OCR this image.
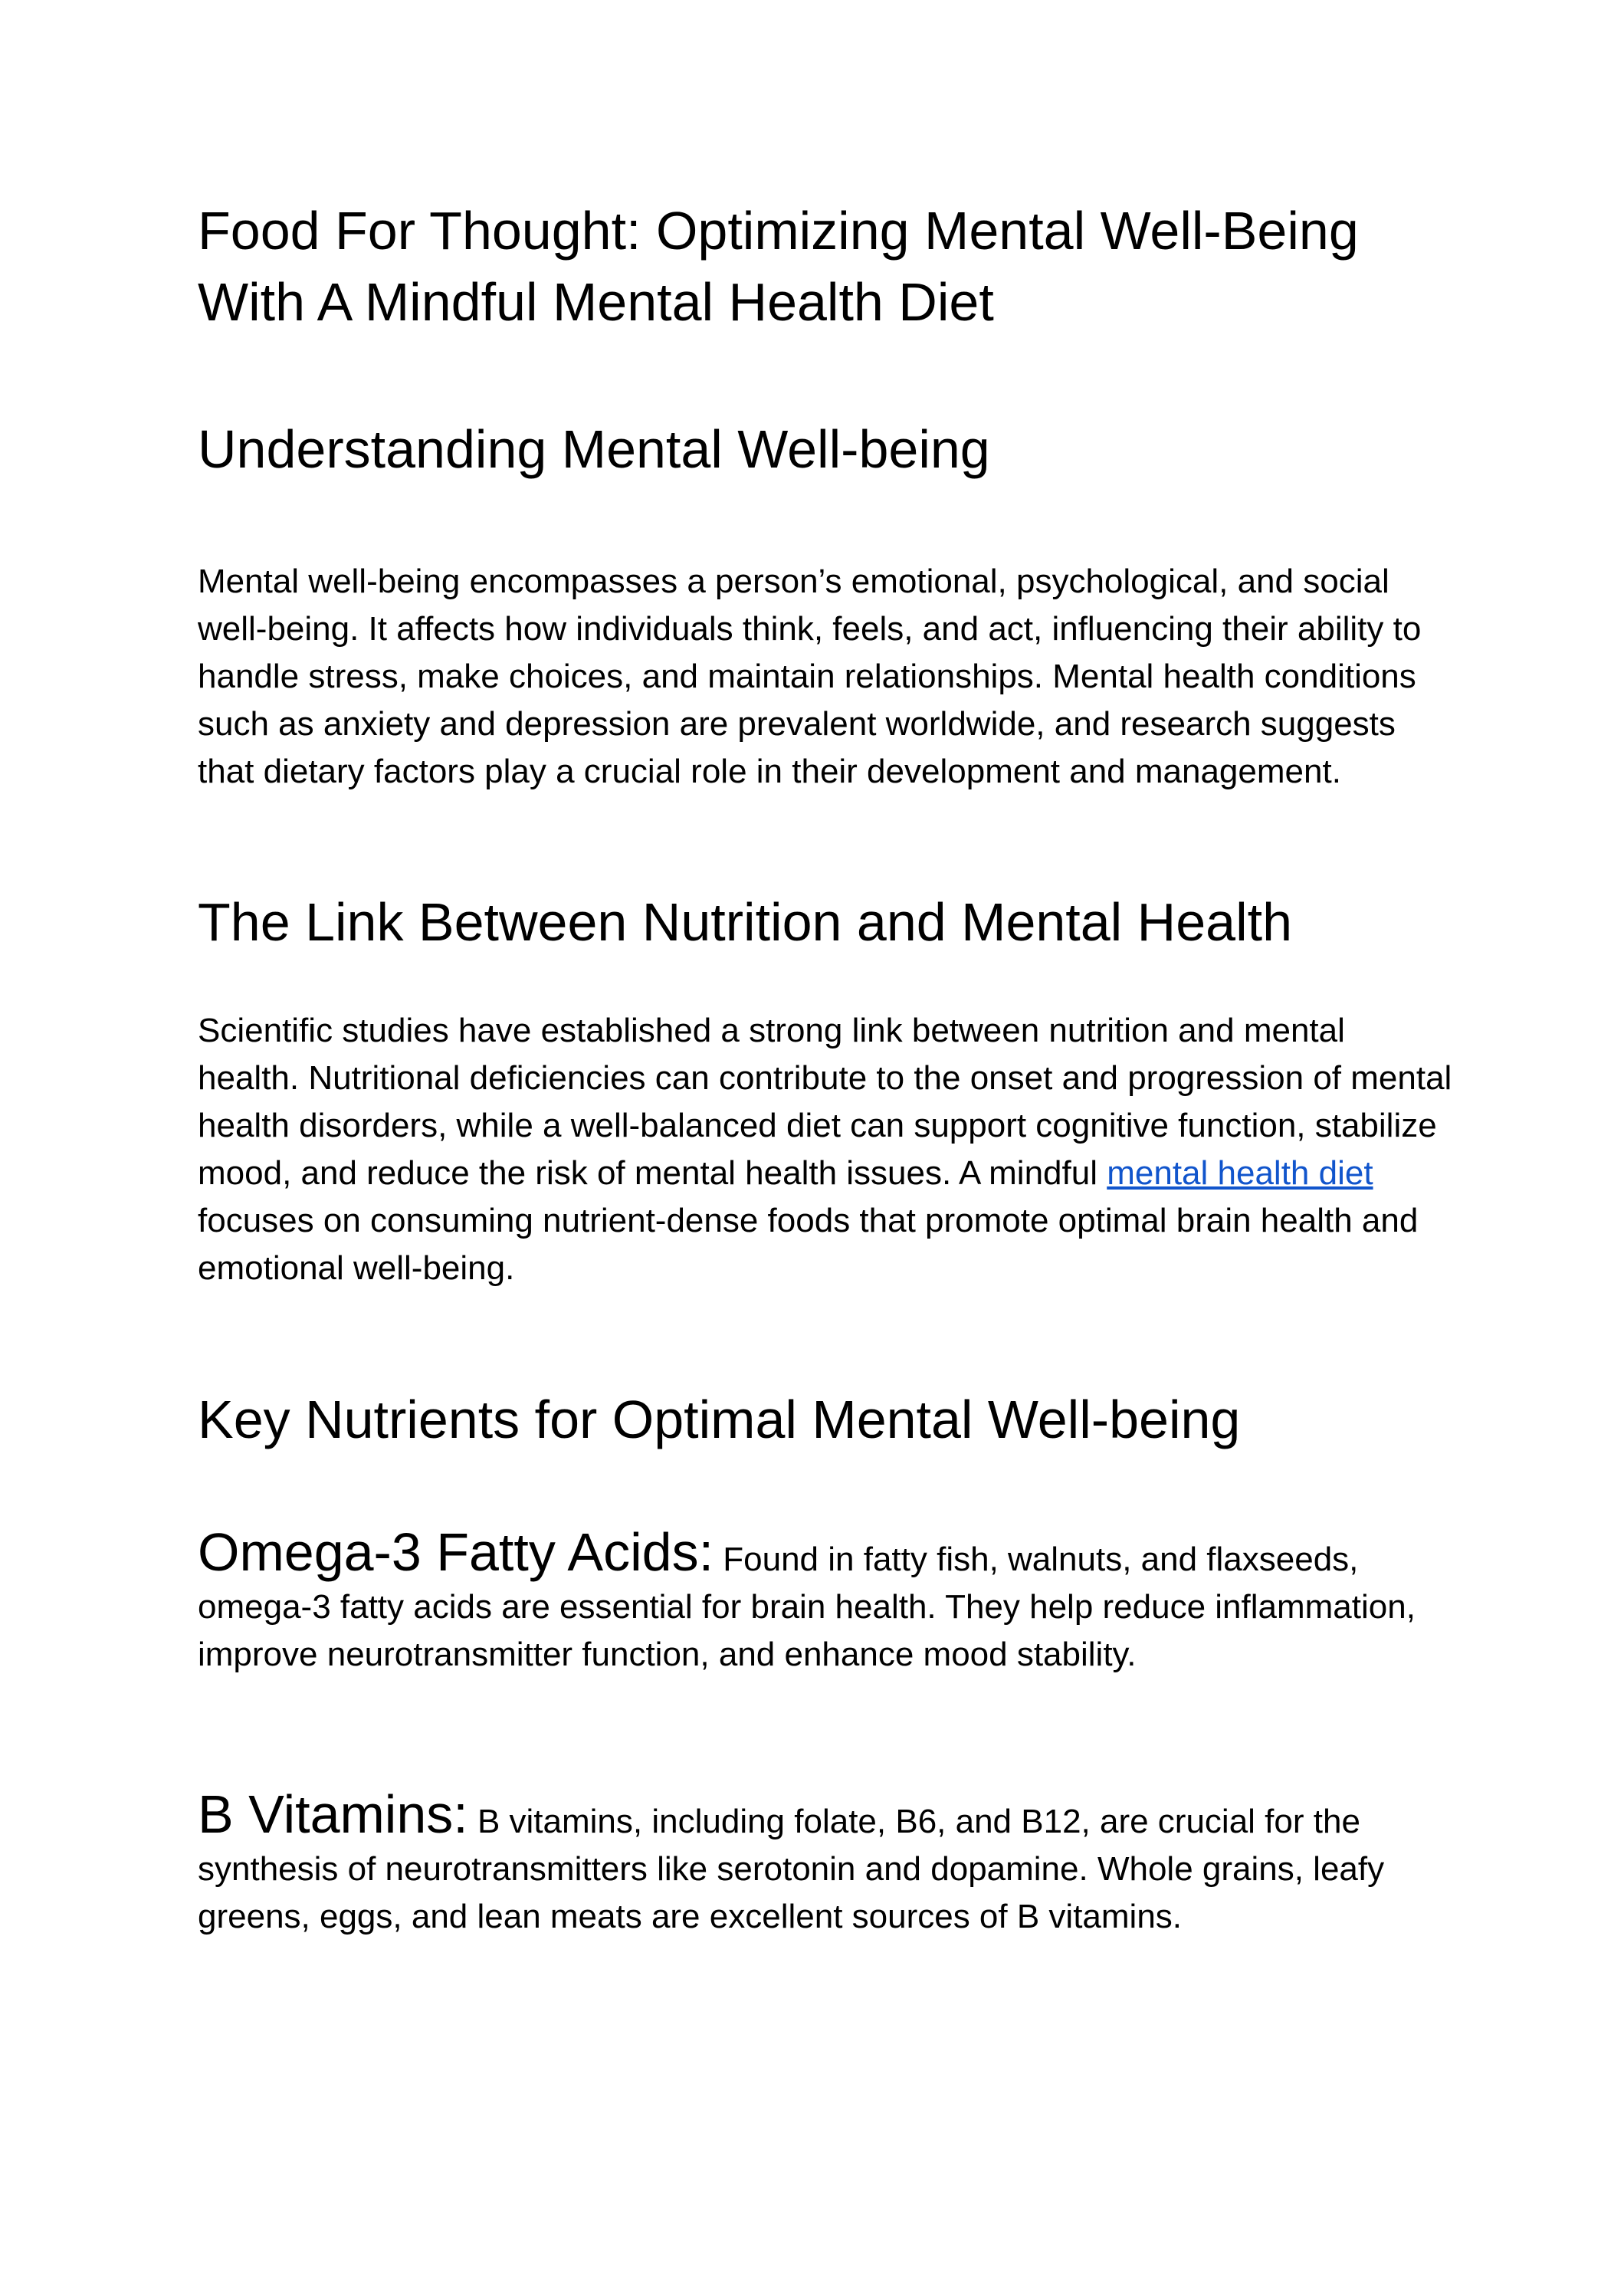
Food For Thought: Optimizing Mental Well-Being With A Mindful Mental Health Diet
Understanding Mental Well-being

Mental well-being encompasses a person’s emotional, psychological, and social well-being. It affects how individuals think, feels, and act, influencing their ability to handle stress, make choices, and maintain relationships. Mental health conditions such as anxiety and depression are prevalent worldwide, and research suggests that dietary factors play a crucial role in their development and management.

The Link Between Nutrition and Mental Health

Scientific studies have established a strong link between nutrition and mental health. Nutritional deficiencies can contribute to the onset and progression of mental health disorders, while a well-balanced diet can support cognitive function, stabilize mood, and reduce the risk of mental health issues. A mindful mental health diet focuses on consuming nutrient-dense foods that promote optimal brain health and emotional well-being.

Key Nutrients for Optimal Mental Well-being

Omega-3 Fatty Acids: Found in fatty fish, walnuts, and flaxseeds, omega-3 fatty acids are essential for brain health. They help reduce inflammation, improve neurotransmitter function, and enhance mood stability.

B Vitamins: B vitamins, including folate, B6, and B12, are crucial for the synthesis of neurotransmitters like serotonin and dopamine. Whole grains, leafy greens, eggs, and lean meats are excellent sources of B vitamins.
